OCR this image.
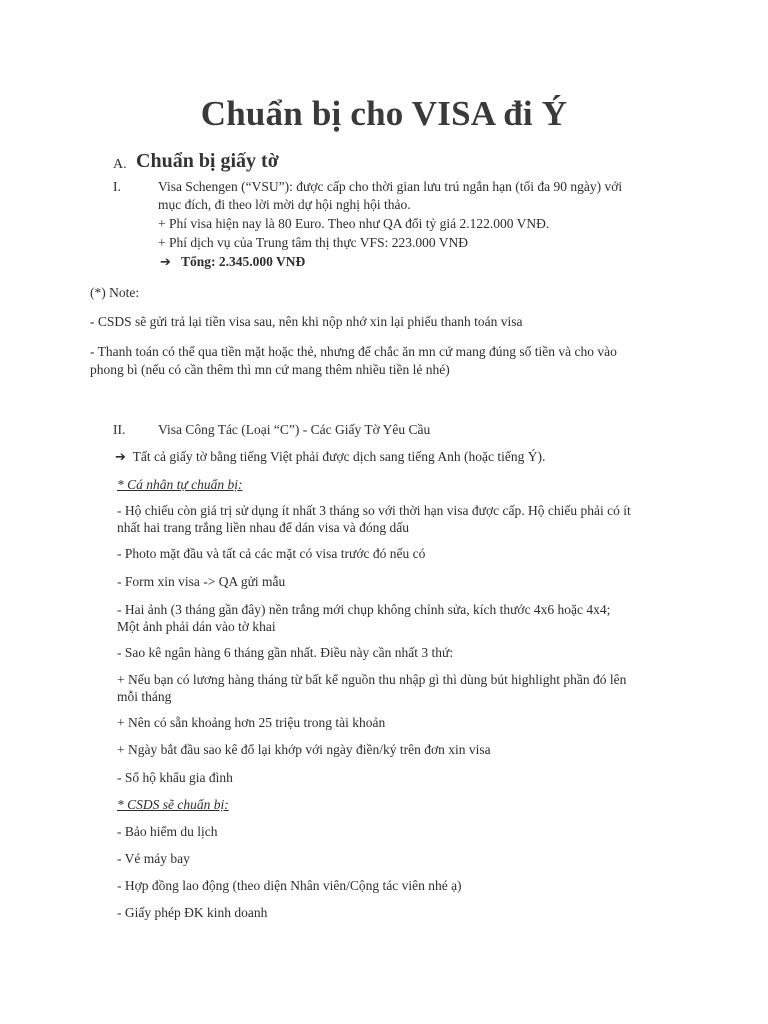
Chuẩn bị cho VISA đi Ý
A. Chuẩn bị giấy tờ
I.	Visa Schengen (“VSU”): được cấp cho thời gian lưu trú ngắn hạn (tối đa 90 ngày) với
mục đích, đi theo lời mời dự hội nghị hội thảo.
+ Phí visa hiện nay là 80 Euro. Theo như QA đổi tỷ giá 2.122.000 VNĐ.
+ Phí dịch vụ của Trung tâm thị thực VFS: 223.000 VNĐ
➔ Tổng: 2.345.000 VNĐ
(*) Note:
- CSDS sẽ gửi trả lại tiền visa sau, nên khi nộp nhớ xin lại phiếu thanh toán visa
- Thanh toán có thể qua tiền mặt hoặc thẻ, nhưng để chắc ăn mn cứ mang đúng số tiền và cho vào
phong bì (nếu có cần thêm thì mn cứ mang thêm nhiều tiền lẻ nhé)
II. Visa Công Tác (Loại “C”) - Các Giấy Tờ Yêu Cầu
➔ Tất cả giấy tờ bằng tiếng Việt phải được dịch sang tiếng Anh (hoặc tiếng Ý).
* Cá nhân tự chuẩn bị:
- Hộ chiếu còn giá trị sử dụng ít nhất 3 tháng so với thời hạn visa được cấp. Hộ chiếu phải có ít
nhất hai trang trắng liền nhau để dán visa và đóng dấu
- Photo mặt đầu và tất cả các mặt có visa trước đó nếu có
- Form xin visa -> QA gửi mẫu
- Hai ảnh (3 tháng gần đây) nền trắng mới chụp không chỉnh sửa, kích thước 4x6 hoặc 4x4;
Một ảnh phải dán vào tờ khai
- Sao kê ngân hàng 6 tháng gần nhất. Điều này cần nhất 3 thứ:
+ Nếu bạn có lương hàng tháng từ bất kể nguồn thu nhập gì thì dùng bút highlight phần đó lên
mỗi tháng
+ Nên có sẵn khoảng hơn 25 triệu trong tài khoản
+ Ngày bắt đầu sao kê đổ lại khớp với ngày điền/ký trên đơn xin visa
- Sổ hộ khẩu gia đình
* CSDS sẽ chuẩn bị:
- Bảo hiểm du lịch
- Vé máy bay
- Hợp đồng lao động (theo diện Nhân viên/Cộng tác viên nhé ạ)
- Giấy phép ĐK kinh doanh
